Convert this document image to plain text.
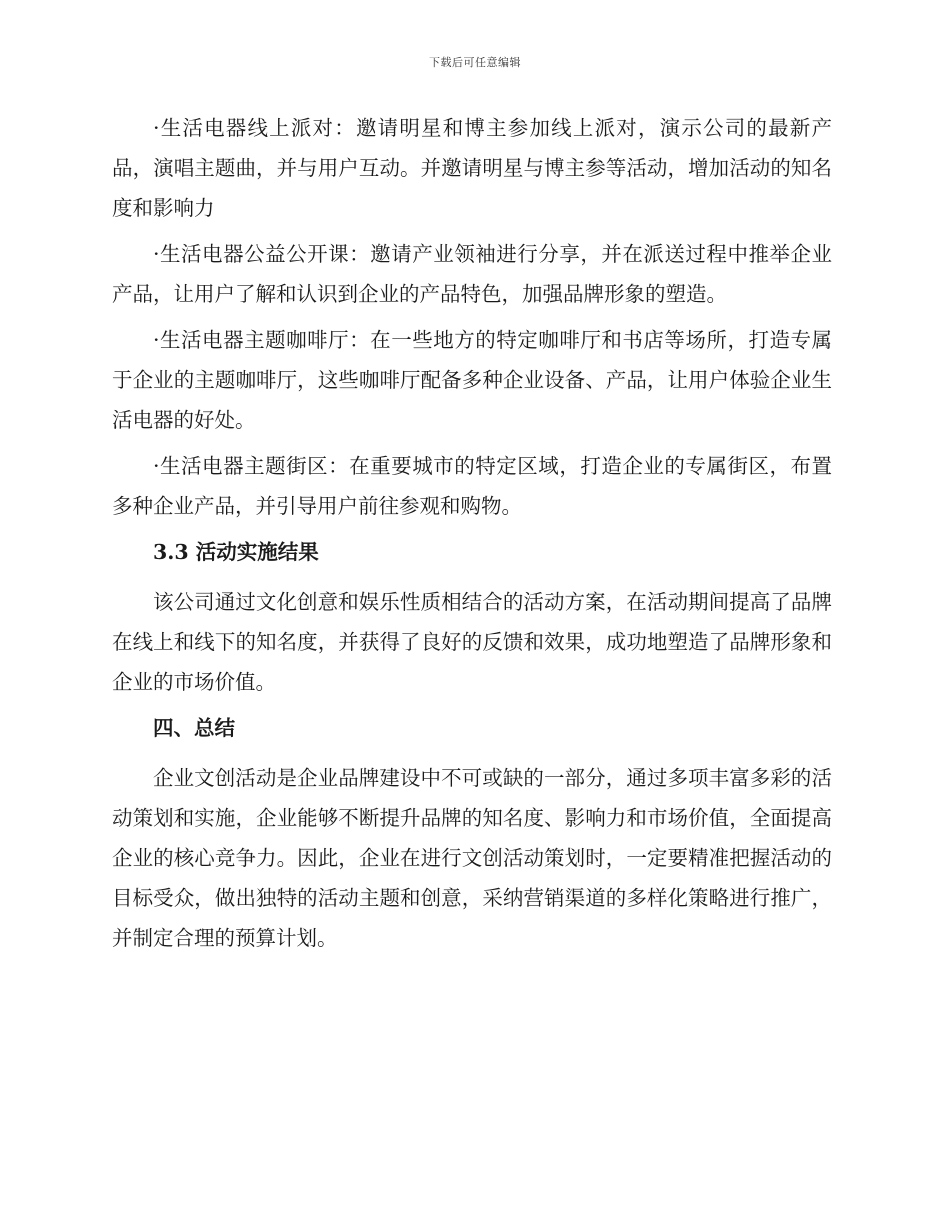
下载后可任意编辑

·生活电器线上派对：邀请明星和博主参加线上派对，演示公司的最新产品，演唱主题曲，并与用户互动。并邀请明星与博主参等活动，增加活动的知名度和影响力

·生活电器公益公开课：邀请产业领袖进行分享，并在派送过程中推举企业产品，让用户了解和认识到企业的产品特色，加强品牌形象的塑造。

·生活电器主题咖啡厅：在一些地方的特定咖啡厅和书店等场所，打造专属于企业的主题咖啡厅，这些咖啡厅配备多种企业设备、产品，让用户体验企业生活电器的好处。

·生活电器主题街区：在重要城市的特定区域，打造企业的专属街区，布置多种企业产品，并引导用户前往参观和购物。

3.3 活动实施结果

该公司通过文化创意和娱乐性质相结合的活动方案，在活动期间提高了品牌在线上和线下的知名度，并获得了良好的反馈和效果，成功地塑造了品牌形象和企业的市场价值。

四、总结

企业文创活动是企业品牌建设中不可或缺的一部分，通过多项丰富多彩的活动策划和实施，企业能够不断提升品牌的知名度、影响力和市场价值，全面提高企业的核心竞争力。因此，企业在进行文创活动策划时，一定要精准把握活动的目标受众，做出独特的活动主题和创意，采纳营销渠道的多样化策略进行推广，并制定合理的预算计划。
